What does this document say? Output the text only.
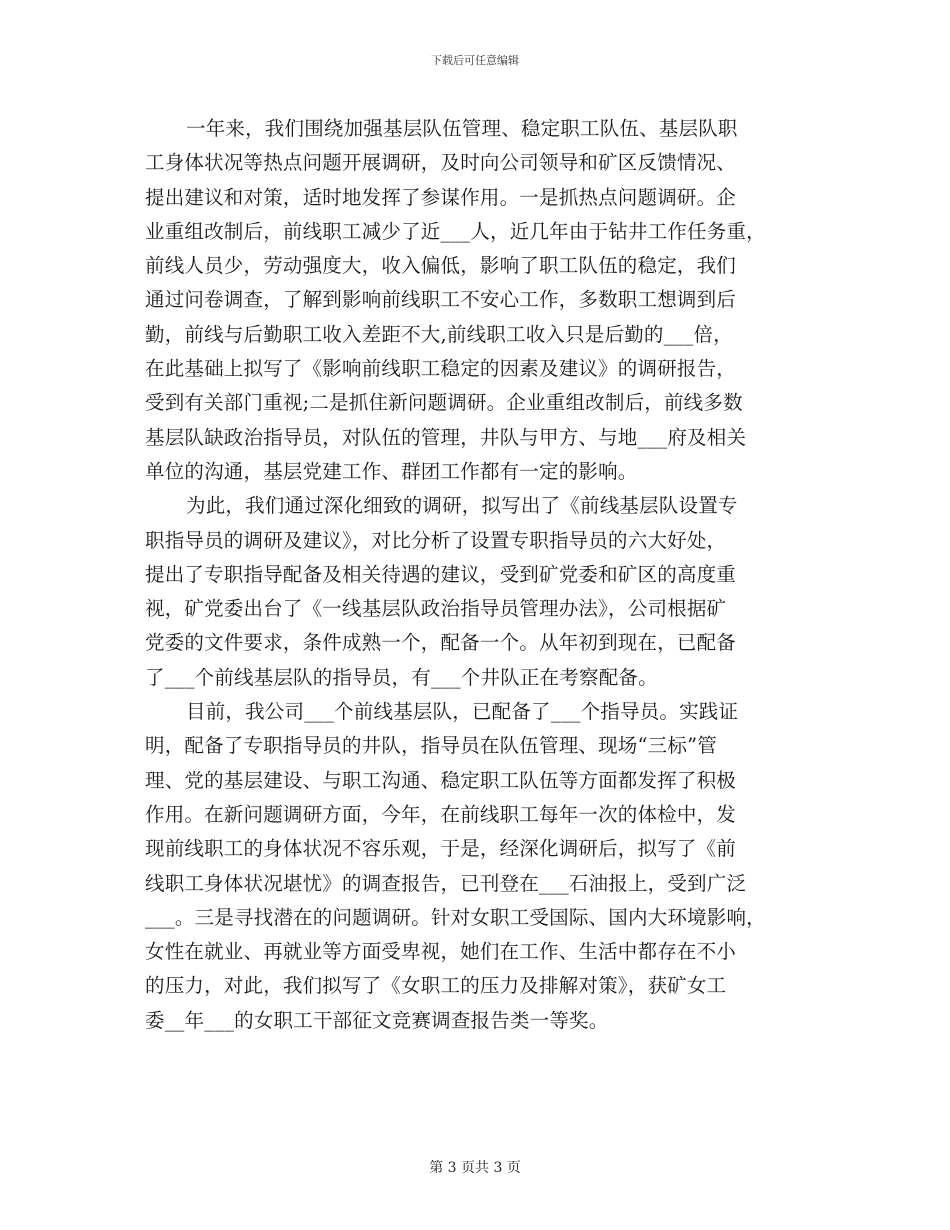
下载后可任意编辑
一年来，我们围绕加强基层队伍管理、稳定职工队伍、基层队职
工身体状况等热点问题开展调研，及时向公司领导和矿区反馈情况、
提出建议和对策，适时地发挥了参谋作用。一是抓热点问题调研。企
业重组改制后，前线职工减少了近___人，近几年由于钻井工作任务重，
前线人员少，劳动强度大，收入偏低，影响了职工队伍的稳定，我们
通过问卷调查，了解到影响前线职工不安心工作，多数职工想调到后
勤，前线与后勤职工收入差距不大,前线职工收入只是后勤的___倍，
在此基础上拟写了《影响前线职工稳定的因素及建议》的调研报告，
受到有关部门重视;二是抓住新问题调研。企业重组改制后，前线多数
基层队缺政治指导员，对队伍的管理，井队与甲方、与地___府及相关
单位的沟通，基层党建工作、群团工作都有一定的影响。
为此，我们通过深化细致的调研，拟写出了《前线基层队设置专
职指导员的调研及建议》，对比分析了设置专职指导员的六大好处，
提出了专职指导配备及相关待遇的建议，受到矿党委和矿区的高度重
视，矿党委出台了《一线基层队政治指导员管理办法》，公司根据矿
党委的文件要求，条件成熟一个，配备一个。从年初到现在，已配备
了___个前线基层队的指导员，有___个井队正在考察配备。
目前，我公司___个前线基层队，已配备了___个指导员。实践证
明，配备了专职指导员的井队，指导员在队伍管理、现场“三标”管
理、党的基层建设、与职工沟通、稳定职工队伍等方面都发挥了积极
作用。在新问题调研方面，今年，在前线职工每年一次的体检中，发
现前线职工的身体状况不容乐观，于是，经深化调研后，拟写了《前
线职工身体状况堪忧》的调查报告，已刊登在___石油报上，受到广泛
___。三是寻找潜在的问题调研。针对女职工受国际、国内大环境影响，
女性在就业、再就业等方面受卑视，她们在工作、生活中都存在不小
的压力，对此，我们拟写了《女职工的压力及排解对策》，获矿女工
委__年___的女职工干部征文竞赛调查报告类一等奖。
第 3 页共 3 页
